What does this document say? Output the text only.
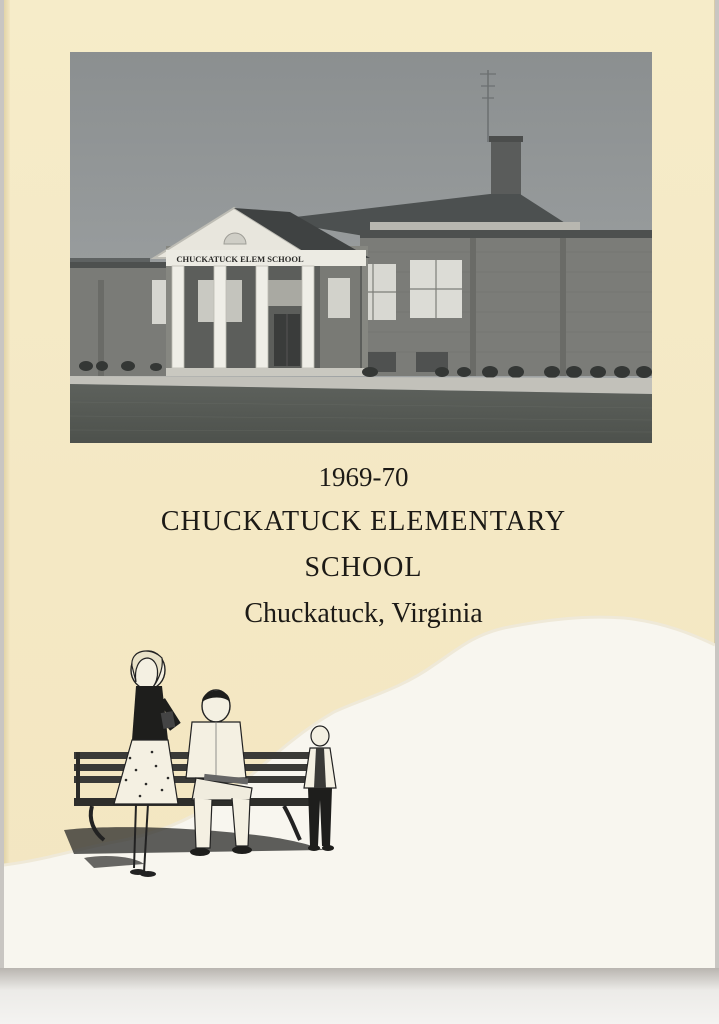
CHUCKATUCK ELEM SCHOOL
1969-70
CHUCKATUCK ELEMENTARY
SCHOOL
Chuckatuck, Virginia
